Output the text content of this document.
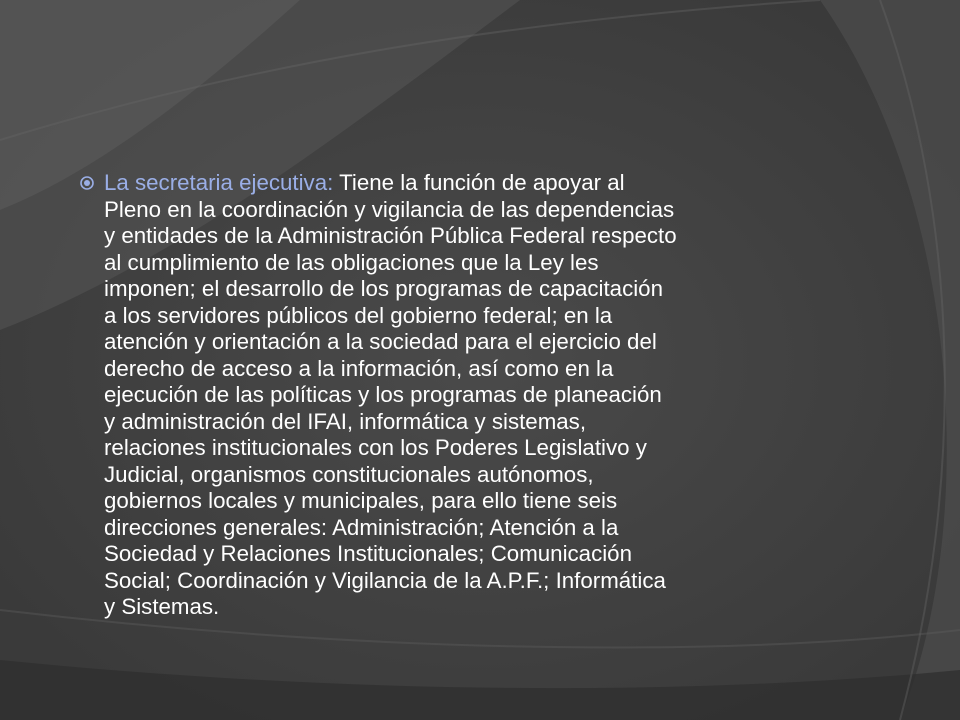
La secretaria ejecutiva: Tiene la función de apoyar al
Pleno en la coordinación y vigilancia de las dependencias
y entidades de la Administración Pública Federal respecto
al cumplimiento de las obligaciones que la Ley les
imponen; el desarrollo de los programas de capacitación
a los servidores públicos del gobierno federal; en la
atención y orientación a la sociedad para el ejercicio del
derecho de acceso a la información, así como en la
ejecución de las políticas y los programas de planeación
y administración del IFAI, informática y sistemas,
relaciones institucionales con los Poderes Legislativo y
Judicial, organismos constitucionales autónomos,
gobiernos locales y municipales, para ello tiene seis
direcciones generales: Administración; Atención a la
Sociedad y Relaciones Institucionales; Comunicación
Social; Coordinación y Vigilancia de la A.P.F.; Informática
y Sistemas.
